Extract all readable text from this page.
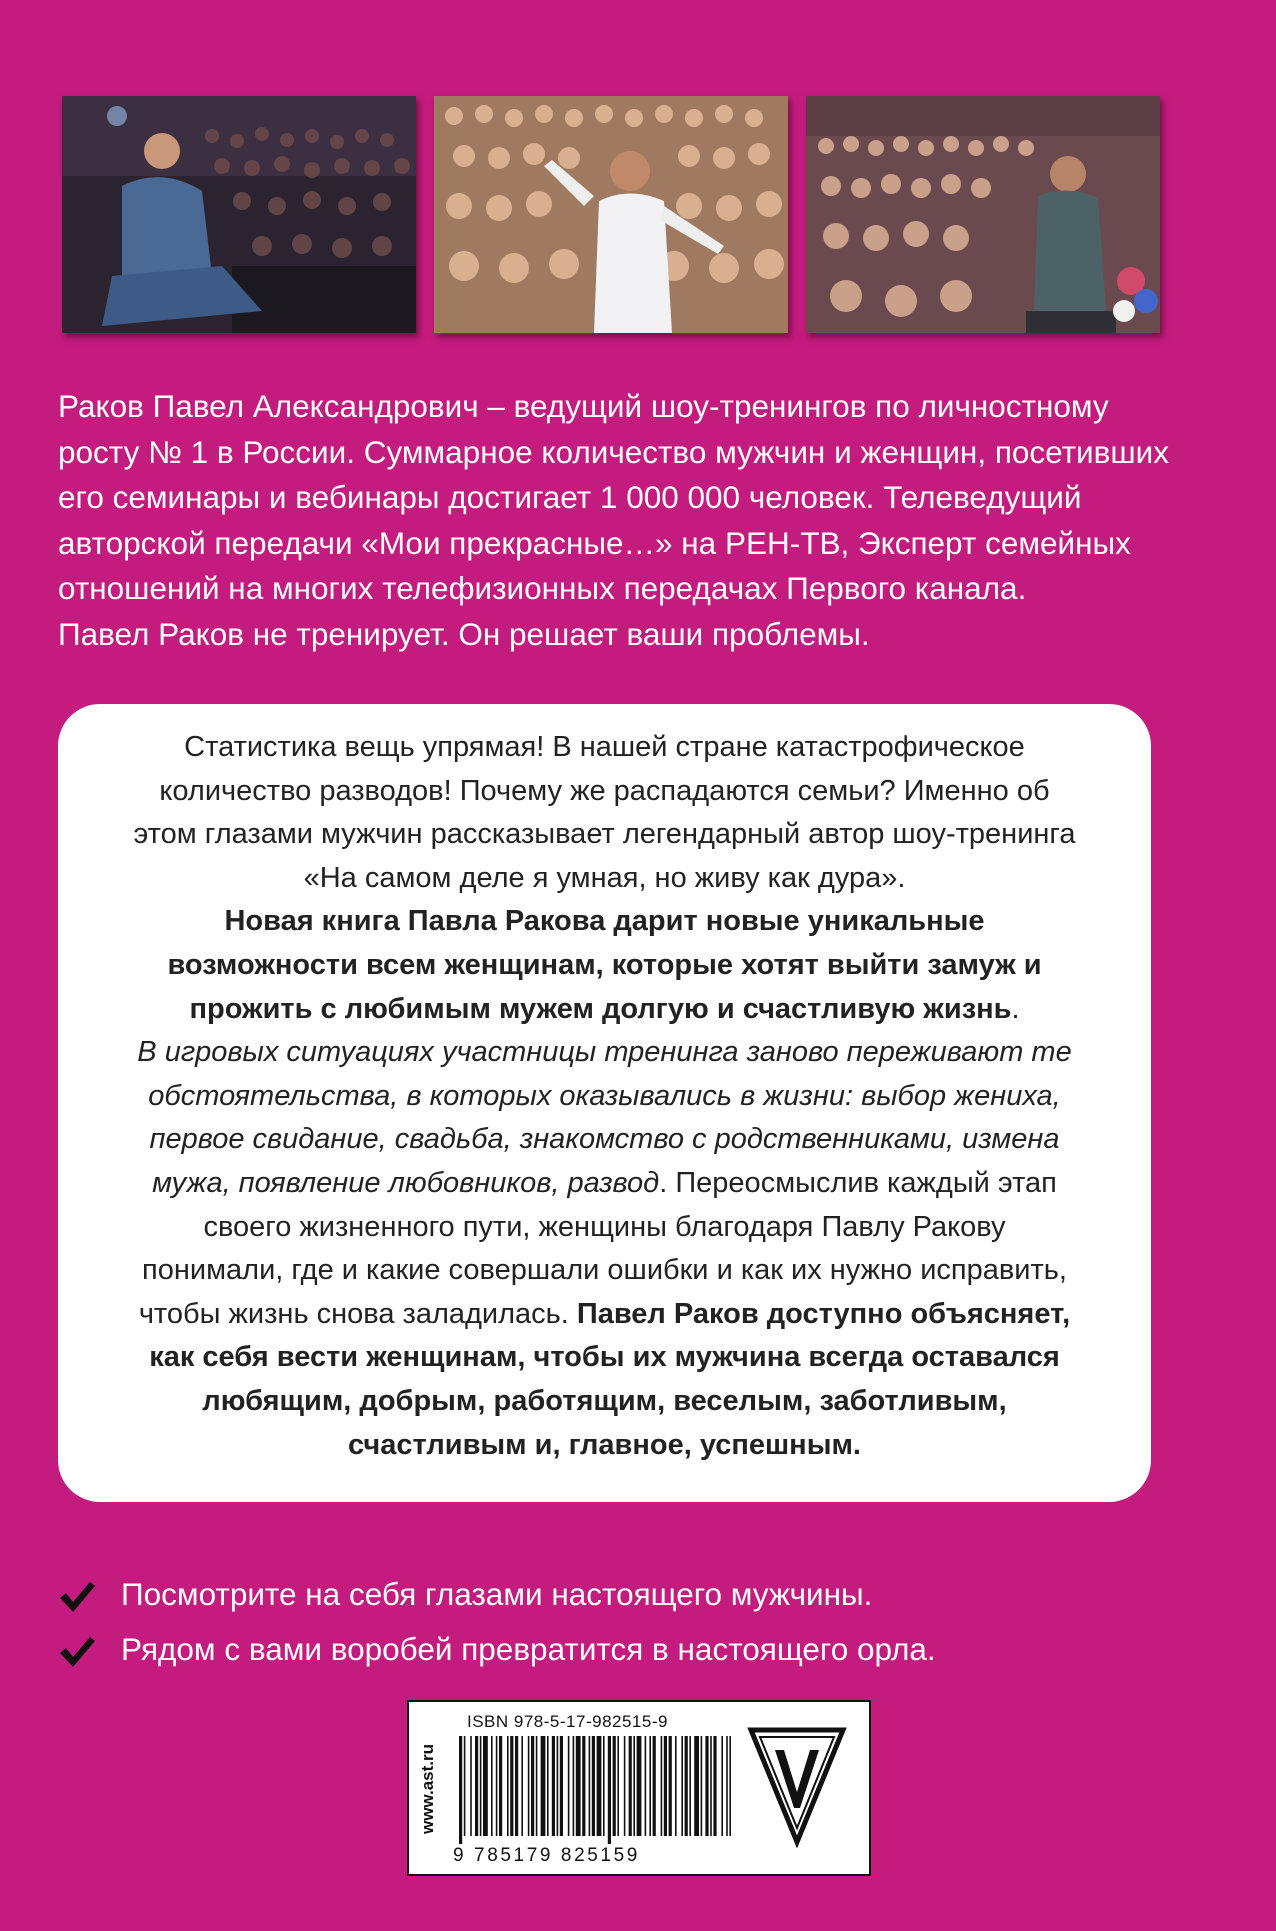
Раков Павел Александрович – ведущий шоу-тренингов по личностному
росту № 1 в России. Суммарное количество мужчин и женщин, посетивших
его семинары и вебинары достигает 1 000 000 человек. Телеведущий
авторской передачи «Мои прекрасные…» на РЕН-ТВ, Эксперт семейных
отношений на многих телефизионных передачах Первого канала.
Павел Раков не тренирует. Он решает ваши проблемы.

Статистика вещь упрямая! В нашей стране катастрофическое
количество разводов! Почему же распадаются семьи? Именно об
этом глазами мужчин рассказывает легендарный автор шоу-тренинга
«На самом деле я умная, но живу как дура».
Новая книга Павла Ракова дарит новые уникальные
возможности всем женщинам, которые хотят выйти замуж и
прожить с любимым мужем долгую и счастливую жизнь.
В игровых ситуациях участницы тренинга заново переживают те
обстоятельства, в которых оказывались в жизни: выбор жениха,
первое свидание, свадьба, знакомство с родственниками, измена
мужа, появление любовников, развод. Переосмыслив каждый этап
своего жизненного пути, женщины благодаря Павлу Ракову
понимали, где и какие совершали ошибки и как их нужно исправить,
чтобы жизнь снова заладилась. Павел Раков доступно объясняет,
как себя вести женщинам, чтобы их мужчина всегда оставался
любящим, добрым, работящим, веселым, заботливым,
счастливым и, главное, успешным.
Посмотрите на себя глазами настоящего мужчины.
Рядом с вами воробей превратится в настоящего орла.
www.ast.ru
ISBN 978-5-17-982515-9
9 785179 825159
